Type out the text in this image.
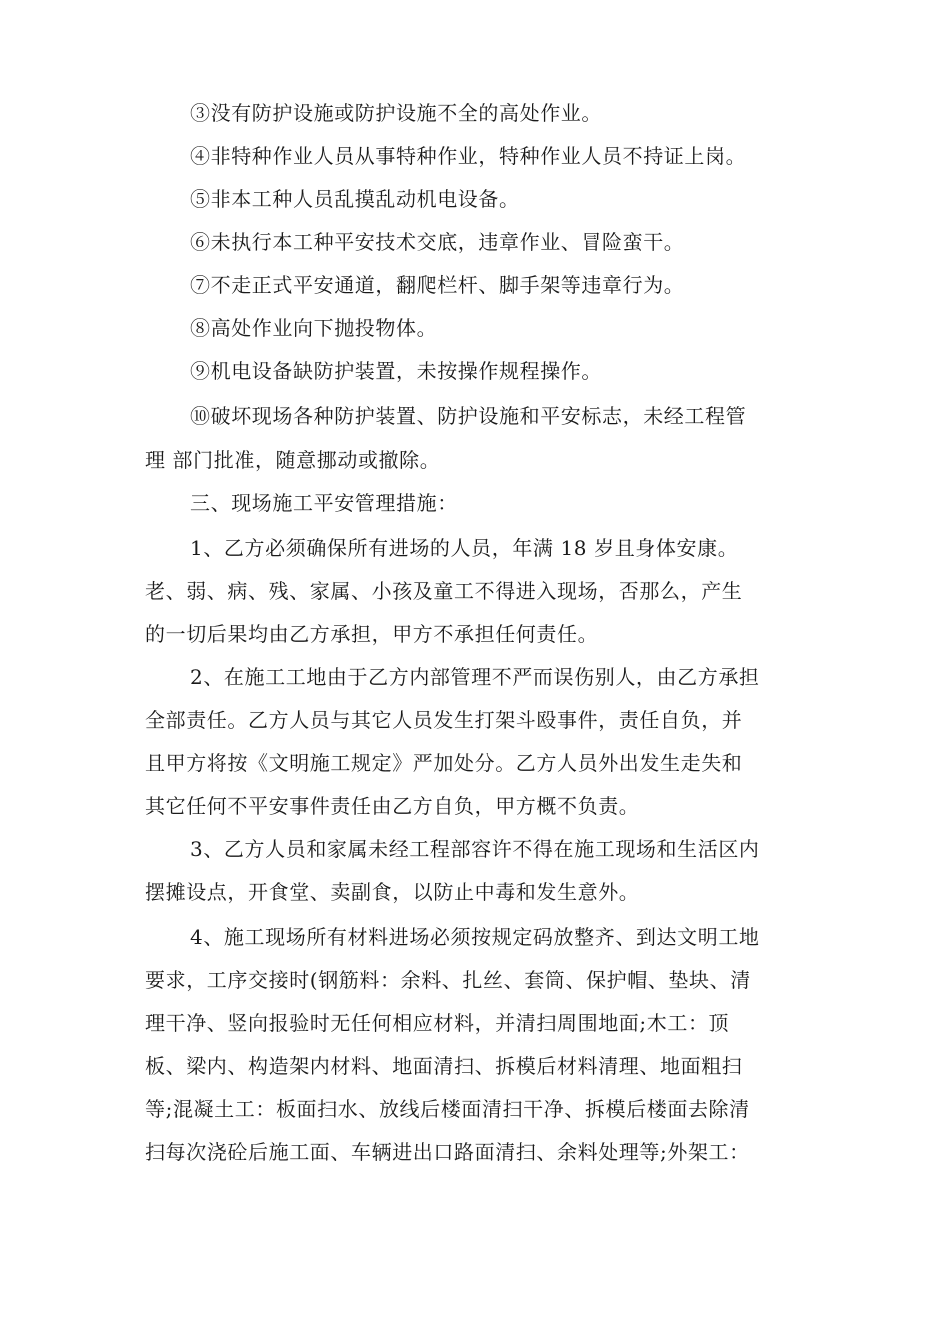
③没有防护设施或防护设施不全的高处作业。
④非特种作业人员从事特种作业，特种作业人员不持证上岗。
⑤非本工种人员乱摸乱动机电设备。
⑥未执行本工种平安技术交底，违章作业、冒险蛮干。
⑦不走正式平安通道，翻爬栏杆、脚手架等违章行为。
⑧高处作业向下抛投物体。
⑨机电设备缺防护装置，未按操作规程操作。
⑩破坏现场各种防护装置、防护设施和平安标志，未经工程管
理 部门批准，随意挪动或撤除。
三、现场施工平安管理措施：
1、乙方必须确保所有进场的人员，年满 18 岁且身体安康。
老、弱、病、残、家属、小孩及童工不得进入现场，否那么，产生
的一切后果均由乙方承担，甲方不承担任何责任。
2、在施工工地由于乙方内部管理不严而误伤别人，由乙方承担
全部责任。乙方人员与其它人员发生打架斗殴事件，责任自负，并
且甲方将按《文明施工规定》严加处分。乙方人员外出发生走失和
其它任何不平安事件责任由乙方自负，甲方概不负责。
3、乙方人员和家属未经工程部容许不得在施工现场和生活区内
摆摊设点，开食堂、卖副食，以防止中毒和发生意外。
4、施工现场所有材料进场必须按规定码放整齐、到达文明工地
要求，工序交接时(钢筋料：余料、扎丝、套筒、保护帽、垫块、清
理干净、竖向报验时无任何相应材料，并清扫周围地面;木工：顶
板、梁内、构造架内材料、地面清扫、拆模后材料清理、地面粗扫
等;混凝土工：板面扫水、放线后楼面清扫干净、拆模后楼面去除清
扫每次浇砼后施工面、车辆进出口路面清扫、余料处理等;外架工：
